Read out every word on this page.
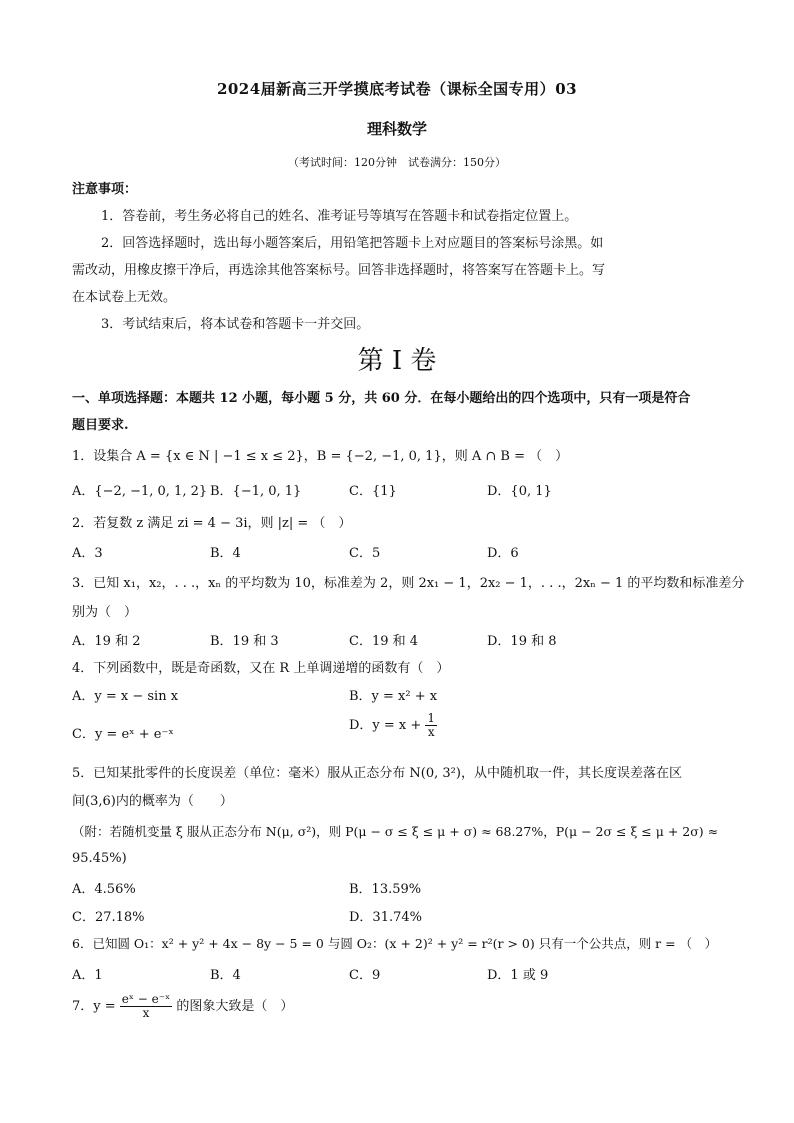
2024届新高三开学摸底考试卷（课标全国专用）03
理科数学
（考试时间：120分钟　试卷满分：150分）
注意事项：
1．答卷前，考生务必将自己的姓名、准考证号等填写在答题卡和试卷指定位置上。
2．回答选择题时，选出每小题答案后，用铅笔把答题卡上对应题目的答案标号涂黑。如
需改动，用橡皮擦干净后，再选涂其他答案标号。回答非选择题时，将答案写在答题卡上。写
在本试卷上无效。
3．考试结束后，将本试卷和答题卡一并交回。
第 I 卷
一、单项选择题：本题共 12 小题，每小题 5 分，共 60 分．在每小题给出的四个选项中，只有一项是符合
题目要求.
1．设集合 A = {x ∈ N | −1 ≤ x ≤ 2}，B = {−2, −1, 0, 1}，则 A ∩ B = （　）
A．{−2, −1, 0, 1, 2} B．{−1, 0, 1}	C．{1}	D．{0, 1}
2．若复数 z 满足 zi = 4 − 3i，则 |z| = （　）
A．3	B．4	C．5	D．6
3．已知 x₁，x₂，. . .，xₙ 的平均数为 10，标准差为 2，则 2x₁ − 1，2x₂ − 1，. . .，2xₙ − 1 的平均数和标准差分
别为（　）
A．19 和 2	B．19 和 3	C．19 和 4	D．19 和 8
4．下列函数中，既是奇函数，又在 R 上单调递增的函数有（　）
A．y = x − sin x	B．y = x² + x
C．y = eˣ + e⁻ˣ
D．$y = x + \frac{1}{x}$
5．已知某批零件的长度误差（单位：毫米）服从正态分布 N(0, 3²)，从中随机取一件，其长度误差落在区
间(3,6)内的概率为（　　）
（附：若随机变量 ξ 服从正态分布 N(μ, σ²)，则 P(μ − σ ≤ ξ ≤ μ + σ) ≈ 68.27%，P(μ − 2σ ≤ ξ ≤ μ + 2σ) ≈
95.45%)
A．4.56%	B．13.59%
C．27.18%	D．31.74%
6．已知圆 O₁：x² + y² + 4x − 8y − 5 = 0 与圆 O₂：(x + 2)² + y² = r²(r > 0) 只有一个公共点，则 r = （　）
A．1	B．4	C．9	D．1 或 9
7．$y = \frac{\text{eˣ − e⁻ˣ}}{x}$ 的图象大致是（　）
